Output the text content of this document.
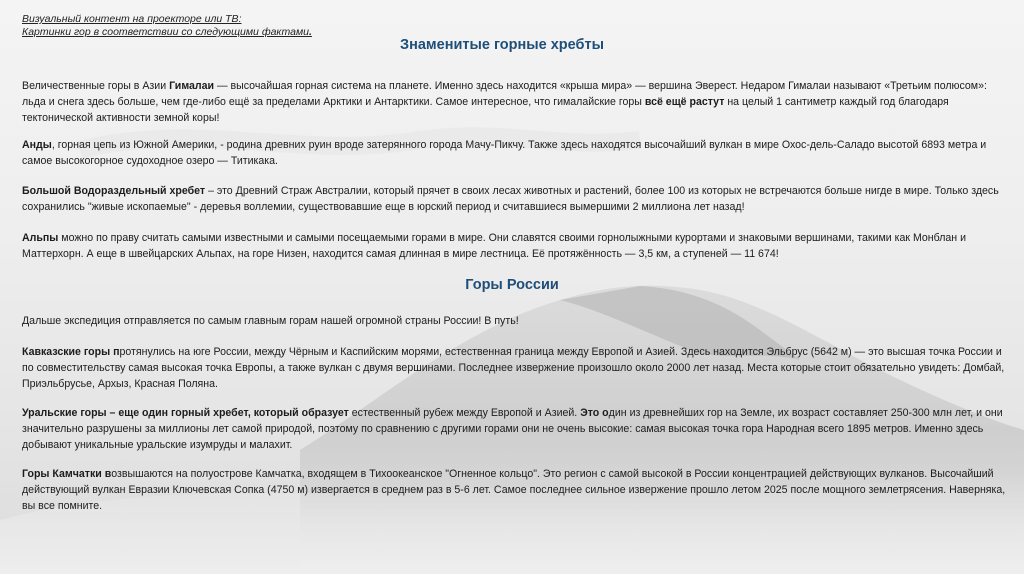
Визуальный контент на проекторе или ТВ:
Картинки гор в соответствии со следующими фактами.
Знаменитые горные хребты

Величественные горы в Азии Гималаи — высочайшая горная система на планете. Именно здесь находится «крыша мира» — вершина Эверест. Недаром Гималаи называют «Третьим полюсом»: льда и снега здесь больше, чем где-либо ещё за пределами Арктики и Антарктики. Самое интересное, что гималайские горы всё ещё растут на целый 1 сантиметр каждый год благодаря тектонической активности земной коры!

Анды, горная цепь из Южной Америки, - родина древних руин вроде затерянного города Мачу-Пикчу. Также здесь находятся высочайший вулкан в мире Охос-дель-Саладо высотой 6893 метра и самое высокогорное судоходное озеро — Титикака.

Большой Водораздельный хребет – это Древний Страж Австралии, который прячет в своих лесах животных и растений, более 100 из которых не встречаются больше нигде в мире. Только здесь сохранились "живые ископаемые" - деревья воллемии, существовавшие еще в юрский период и считавшиеся вымершими 2 миллиона лет назад!

Альпы можно по праву считать самыми известными и самыми посещаемыми горами в мире. Они славятся своими горнолыжными курортами и знаковыми вершинами, такими как Монблан и Маттерхорн. А еще в швейцарских Альпах, на горе Низен, находится самая длинная в мире лестница. Её протяжённость — 3,5 км, а ступеней — 11 674!

Горы России

Дальше экспедиция отправляется по самым главным горам нашей огромной страны России! В путь!

Кавказские горы протянулись на юге России, между Чёрным и Каспийским морями, естественная граница между Европой и Азией. Здесь находится Эльбрус (5642 м) — это высшая точка России и по совместительству самая высокая точка Европы, а также вулкан с двумя вершинами. Последнее извержение произошло около 2000 лет назад. Места которые стоит обязательно увидеть: Домбай, Приэльбрусье, Архыз, Красная Поляна.

Уральские горы – еще один горный хребет, который образует естественный рубеж между Европой и Азией. Это один из древнейших гор на Земле, их возраст составляет 250-300 млн лет, и они значительно разрушены за миллионы лет самой природой, поэтому по сравнению с другими горами они не очень высокие: самая высокая точка гора Народная всего 1895 метров. Именно здесь добывают уникальные уральские изумруды и малахит.

Горы Камчатки возвышаются на полуострове Камчатка, входящем в Тихоокеанское "Огненное кольцо". Это регион с самой высокой в России концентрацией действующих вулканов. Высочайший действующий вулкан Евразии Ключевская Сопка (4750 м) извергается в среднем раз в 5-6 лет. Самое последнее сильное извержение прошло летом 2025 после мощного землетрясения. Наверняка, вы все помните.
